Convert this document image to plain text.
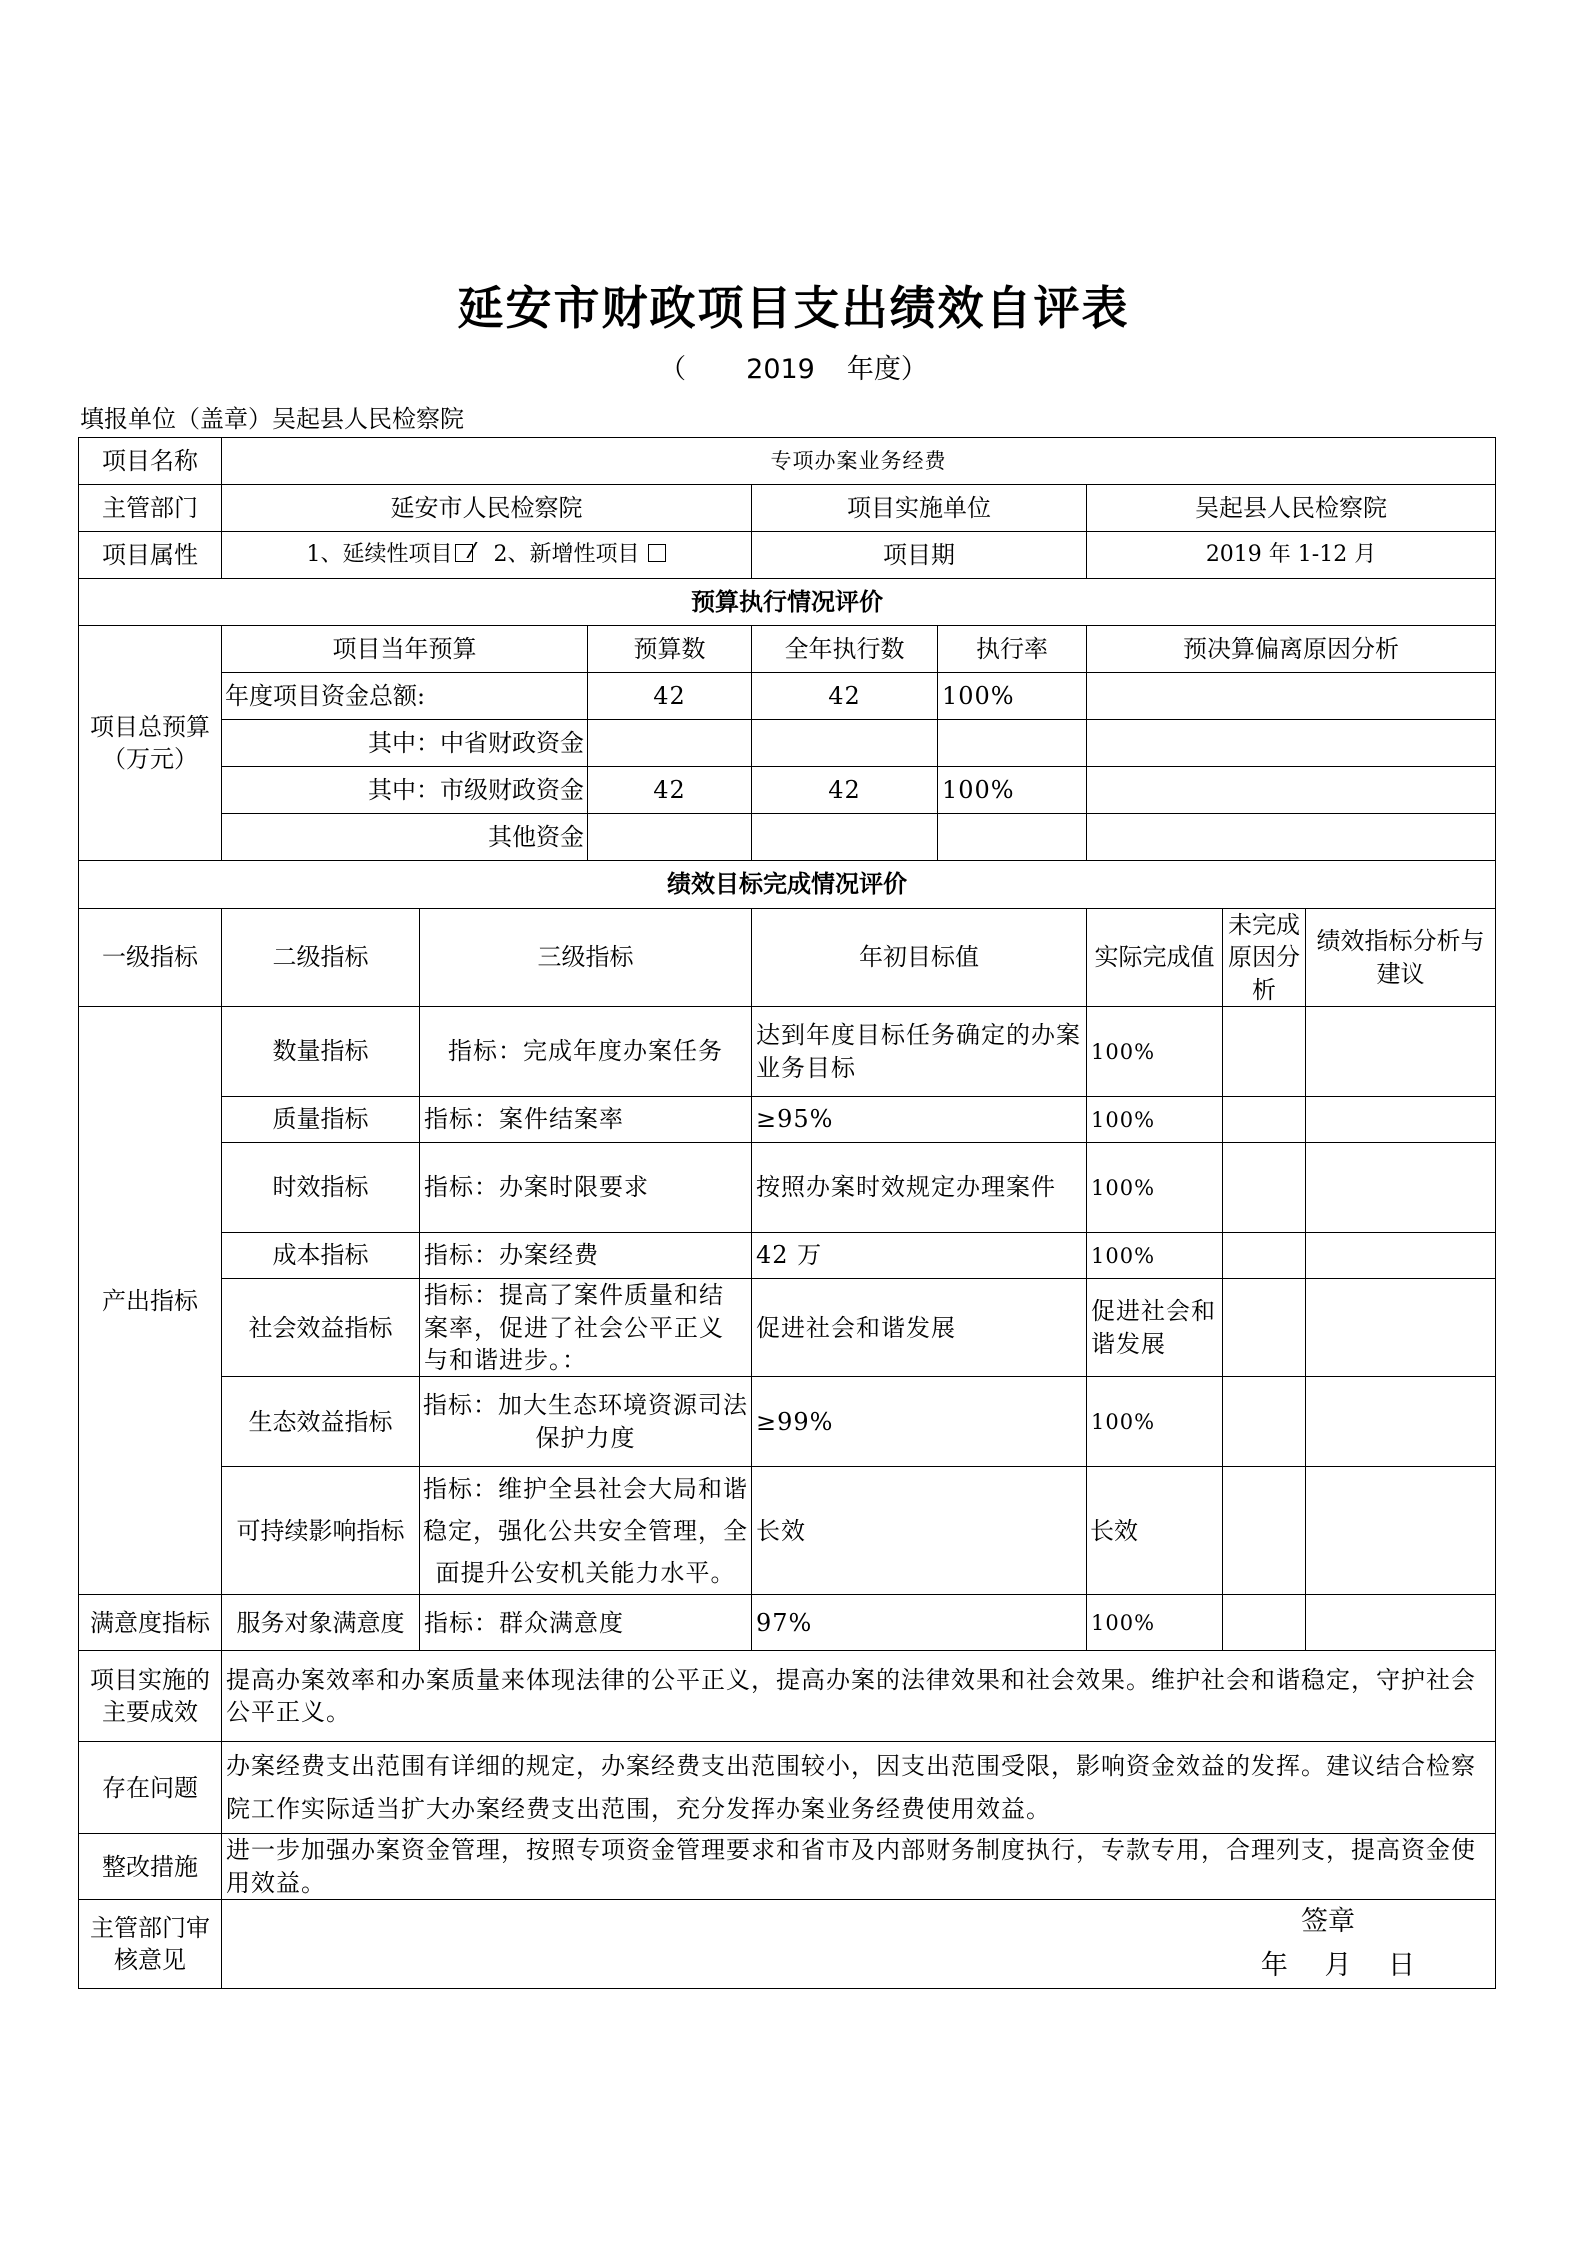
延安市财政项目支出绩效自评表
（ 2019 年度）
填报单位（盖章）吴起县人民检察院
项目名称	专项办案业务经费							
主管部门	延安市人民检察院			项目实施单位		吴起县人民检察院		
项目属性	1、延续性项目 2、新增性项目			项目期		2019 年 1-12 月		
预算执行情况评价								
项目总预算（万元）	项目当年预算		预算数	全年执行数	执行率	预决算偏离原因分析		
	年度项目资金总额:		42	42	100%			
	其中：中省财政资金							
	其中：市级财政资金		42	42	100%			
	其他资金							
绩效目标完成情况评价								
一级指标	二级指标	三级指标		年初目标值		实际完成值	未完成原因分析	绩效指标分析与建议
产出指标	数量指标	指标：完成年度办案任务		达到年度目标任务确定的办案业务目标		100%		
	质量指标	指标：案件结案率		≥95%		100%		
	时效指标	指标：办案时限要求		按照办案时效规定办理案件		100%		
	成本指标	指标：办案经费		42 万		100%		
	社会效益指标	指标：提高了案件质量和结案率，促进了社会公平正义与和谐进步。：		促进社会和谐发展		促进社会和谐发展		
	生态效益指标	指标：加大生态环境资源司法保护力度		≥99%		100%		
	可持续影响指标	指标：维护全县社会大局和谐稳定，强化公共安全管理，全面提升公安机关能力水平。		长效		长效		
满意度指标	服务对象满意度	指标：群众满意度		97%		100%		
项目实施的主要成效	提高办案效率和办案质量来体现法律的公平正义，提高办案的法律效果和社会效果。维护社会和谐稳定，守护社会公平正义。							
存在问题	办案经费支出范围有详细的规定，办案经费支出范围较小，因支出范围受限，影响资金效益的发挥。建议结合检察院工作实际适当扩大办案经费支出范围，充分发挥办案业务经费使用效益。							
整改措施	进一步加强办案资金管理，按照专项资金管理要求和省市及内部财务制度执行，专款专用，合理列支，提高资金使用效益。							
主管部门审核意见	签章
年 月 日							
